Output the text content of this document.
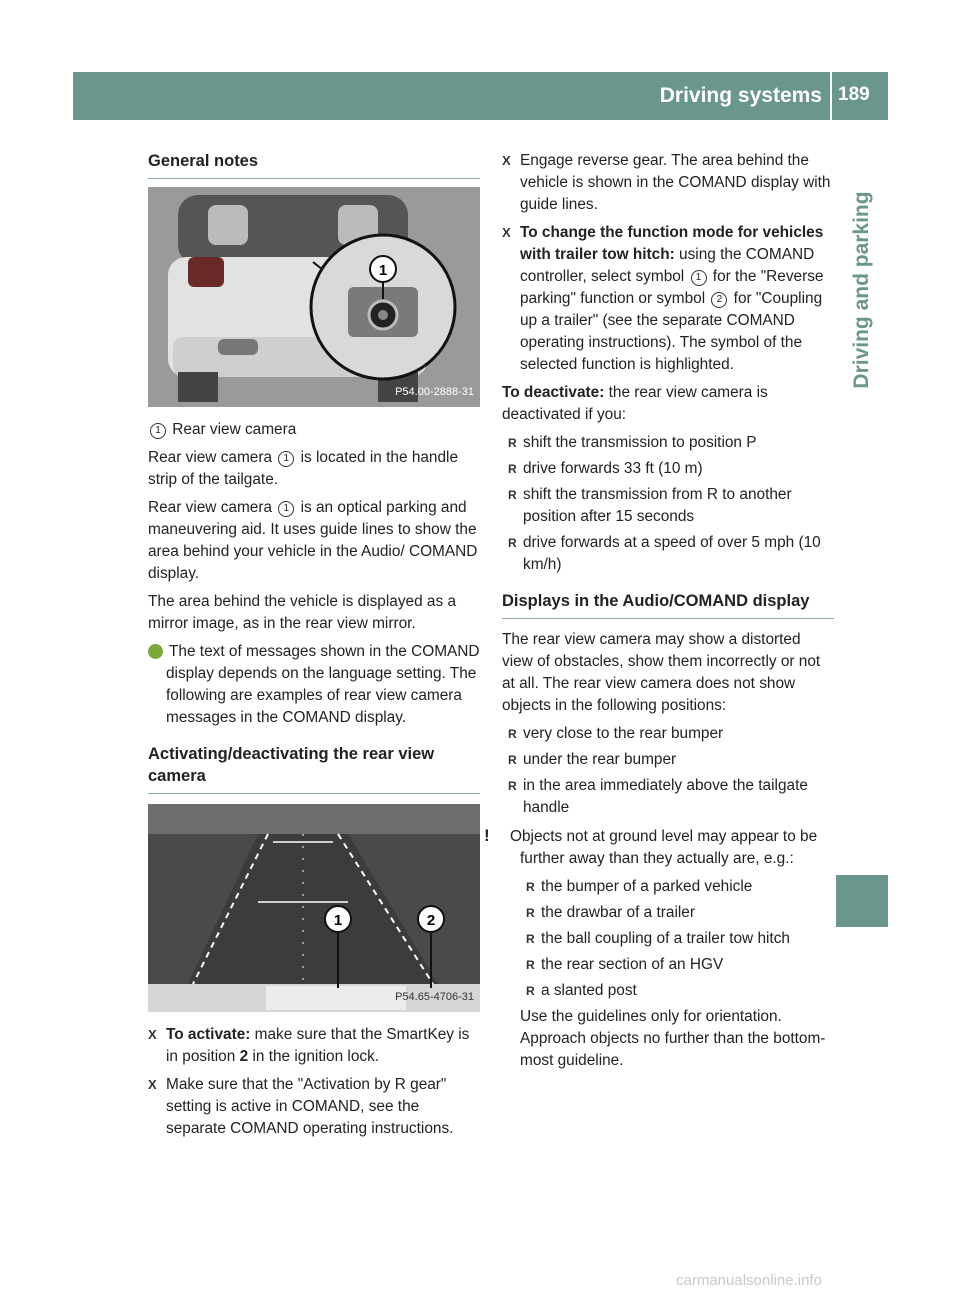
Driving systems 189
Driving and parking
General notes
1
P54.00-2888-31

1 Rear view camera

Rear view camera 1 is located in the handle strip of the tailgate.

Rear view camera 1 is an optical parking and maneuvering aid. It uses guide lines to show the area behind your vehicle in the Audio/ COMAND display.

The area behind the vehicle is displayed as a mirror image, as in the rear view mirror.

i The text of messages shown in the COMAND display depends on the language setting. The following are examples of rear view camera messages in the COMAND display.

Activating/deactivating the rear view camera
1	2
P54.65-4706-31
X To activate: make sure that the SmartKey is in position 2 in the ignition lock.
X Make sure that the "Activation by R gear" setting is active in COMAND, see the separate COMAND operating instructions.
X Engage reverse gear. The area behind the vehicle is shown in the COMAND display with guide lines.
X To change the function mode for vehicles with trailer tow hitch: using the COMAND controller, select symbol 1 for the "Reverse parking" function or symbol 2 for "Coupling up a trailer" (see the separate COMAND operating instructions). The symbol of the selected function is highlighted.

To deactivate: the rear view camera is deactivated if you:

R shift the transmission to position P
R drive forwards 33 ft (10 m)
R shift the transmission from R to another position after 15 seconds
R drive forwards at a speed of over 5 mph (10 km/h)
Displays in the Audio/COMAND display

The rear view camera may show a distorted view of obstacles, show them incorrectly or not at all. The rear view camera does not show objects in the following positions:

R very close to the rear bumper
R under the rear bumper
R in the area immediately above the tailgate handle

! Objects not at ground level may appear to be further away than they actually are, e.g.:

R the bumper of a parked vehicle
R the drawbar of a trailer
R the ball coupling of a trailer tow hitch
R the rear section of an HGV
R a slanted post

Use the guidelines only for orientation. Approach objects no further than the bottom-most guideline.

carmanualsonline.info
